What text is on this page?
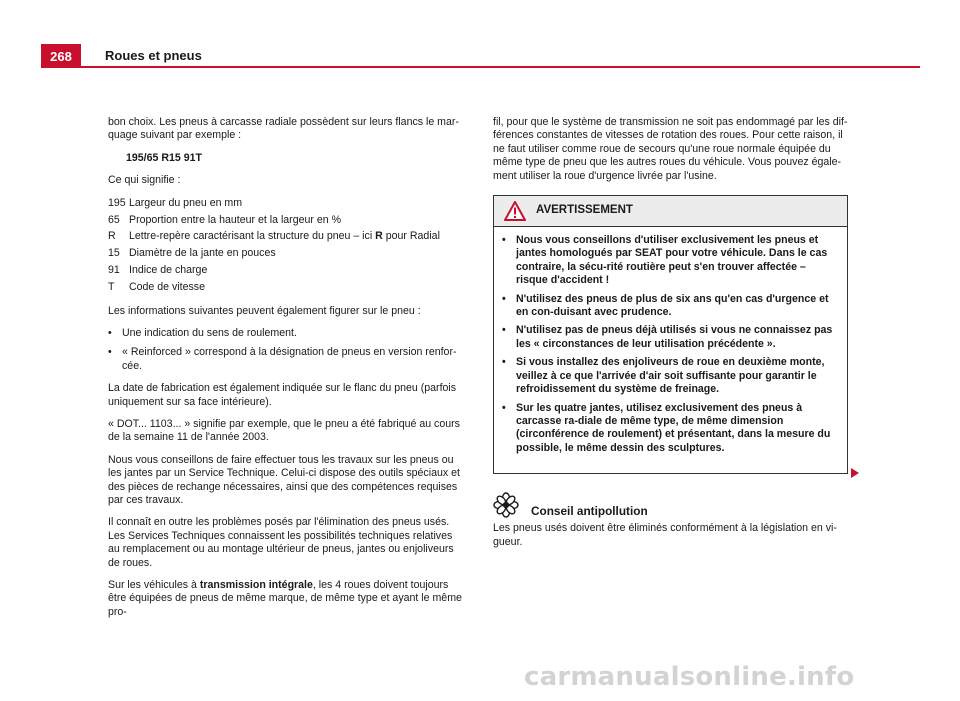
268	Roues et pneus

bon choix. Les pneus à carcasse radiale possèdent sur leurs flancs le mar-quage suivant par exemple :

195/65 R15 91T

Ce qui signifie :

195 Largeur du pneu en mm
65 Proportion entre la hauteur et la largeur en %
R	Lettre-repère caractérisant la structure du pneu – ici R pour Radial
15 Diamètre de la jante en pouces
91 Indice de charge
T	Code de vitesse

Les informations suivantes peuvent également figurer sur le pneu :

• Une indication du sens de roulement.
• « Reinforced » correspond à la désignation de pneus en version renfor-cée.

La date de fabrication est également indiquée sur le flanc du pneu (parfois uniquement sur sa face intérieure).

« DOT... 1103... » signifie par exemple, que le pneu a été fabriqué au cours de la semaine 11 de l'année 2003.

Nous vous conseillons de faire effectuer tous les travaux sur les pneus ou les jantes par un Service Technique. Celui-ci dispose des outils spéciaux et des pièces de rechange nécessaires, ainsi que des compétences requises par ces travaux.

Il connaît en outre les problèmes posés par l'élimination des pneus usés. Les Services Techniques connaissent les possibilités techniques relatives au remplacement ou au montage ultérieur de pneus, jantes ou enjoliveurs de roues.

Sur les véhicules à transmission intégrale, les 4 roues doivent toujours être équipées de pneus de même marque, de même type et ayant le même pro-

fil, pour que le système de transmission ne soit pas endommagé par les dif-férences constantes de vitesses de rotation des roues. Pour cette raison, il ne faut utiliser comme roue de secours qu'une roue normale équipée du même type de pneu que les autres roues du véhicule. Vous pouvez égale-ment utiliser la roue d'urgence livrée par l'usine.

AVERTISSEMENT
• Nous vous conseillons d'utiliser exclusivement les pneus et jantes homologués par SEAT pour votre véhicule. Dans le cas contraire, la sécu-rité routière peut s'en trouver affectée – risque d'accident !
• N'utilisez des pneus de plus de six ans qu'en cas d'urgence et en con-duisant avec prudence.
• N'utilisez pas de pneus déjà utilisés si vous ne connaissez pas les « circonstances de leur utilisation précédente ».
• Si vous installez des enjoliveurs de roue en deuxième monte, veillez à ce que l'arrivée d'air soit suffisante pour garantir le refroidissement du système de freinage.
• Sur les quatre jantes, utilisez exclusivement des pneus à carcasse ra-diale de même type, de même dimension (circonférence de roulement) et présentant, dans la mesure du possible, le même dessin des sculptures.
Conseil antipollution

Les pneus usés doivent être éliminés conformément à la législation en vi-gueur.

carmanualsonline.info
